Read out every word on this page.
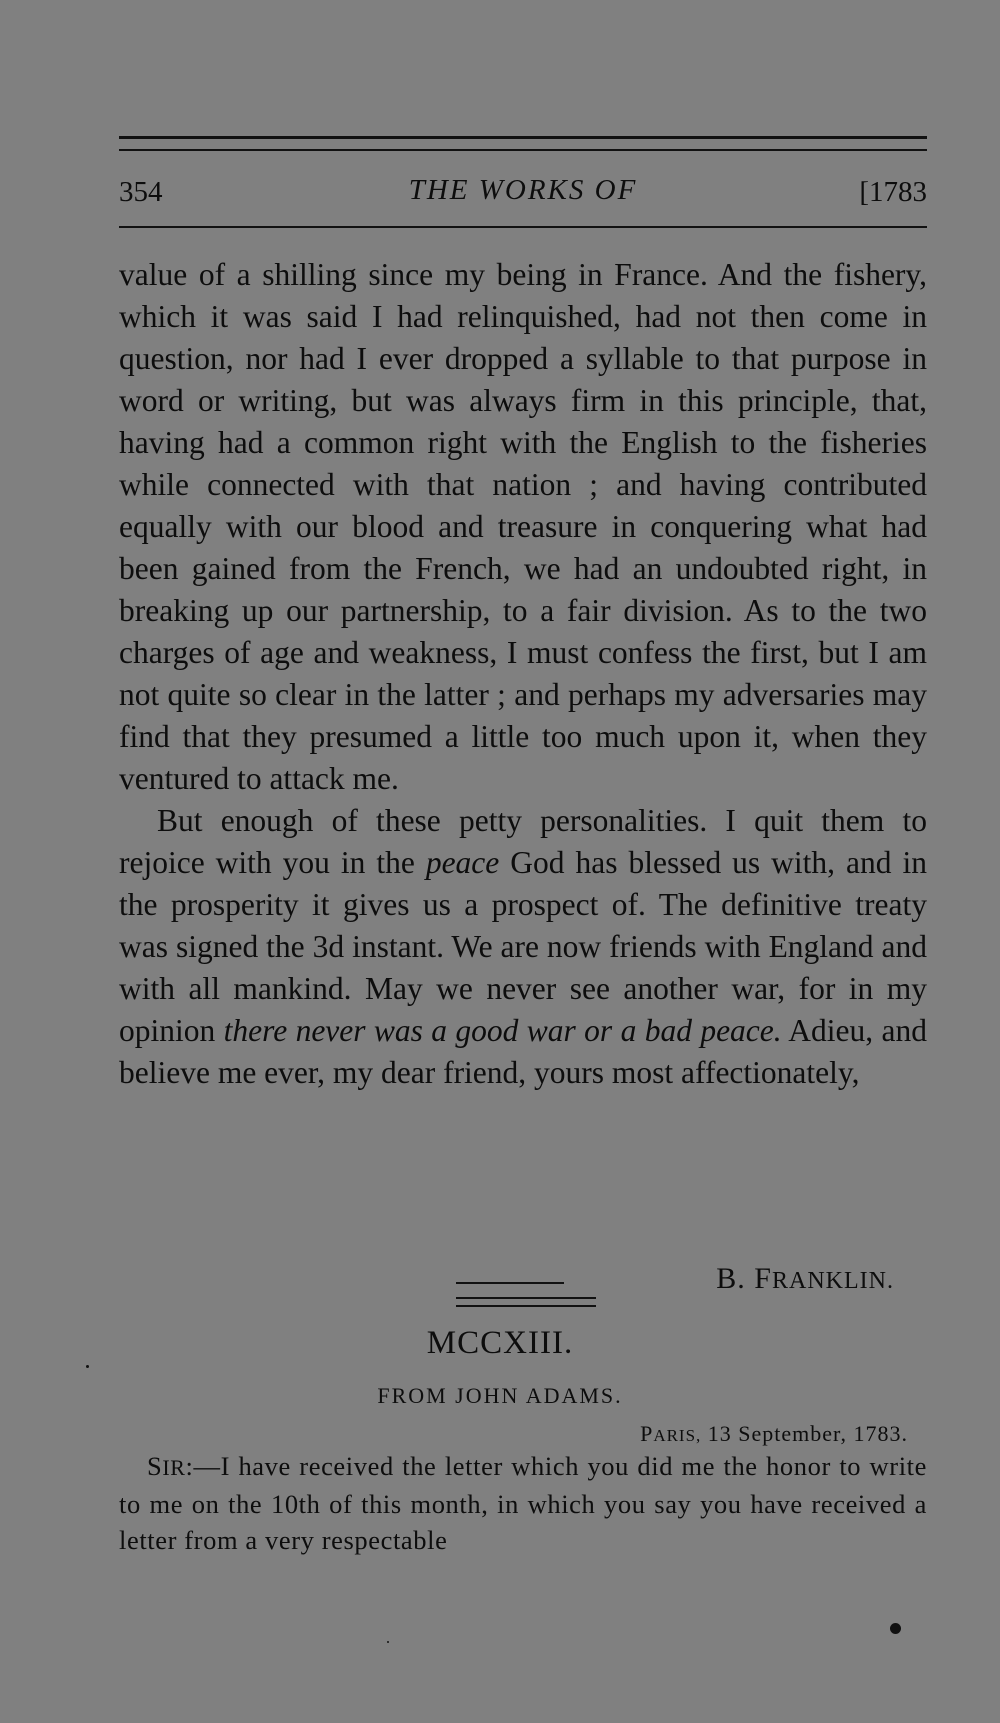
354	THE WORKS OF	[1783

value of a shilling since my being in France. And the fishery, which it was said I had relinquished, had not then come in question, nor had I ever dropped a syllable to that purpose in word or writing, but was always firm in this principle, that, having had a common right with the English to the fisheries while connected with that nation ; and having contributed equally with our blood and treasure in conquering what had been gained from the French, we had an undoubted right, in breaking up our partnership, to a fair division. As to the two charges of age and weakness, I must confess the first, but I am not quite so clear in the latter ; and perhaps my adversaries may find that they presumed a little too much upon it, when they ventured to attack me.

But enough of these petty personalities. I quit them to rejoice with you in the peace God has blessed us with, and in the prosperity it gives us a prospect of. The definitive treaty was signed the 3d instant. We are now friends with England and with all mankind. May we never see another war, for in my opinion there never was a good war or a bad peace. Adieu, and believe me ever, my dear friend, yours most affectionately,

B. FRANKLIN.
MCCXIII.
FROM JOHN ADAMS.
PARIS, 13 September, 1783.

SIR:—I have received the letter which you did me the honor to write to me on the 10th of this month, in which you say you have received a letter from a very respectable
